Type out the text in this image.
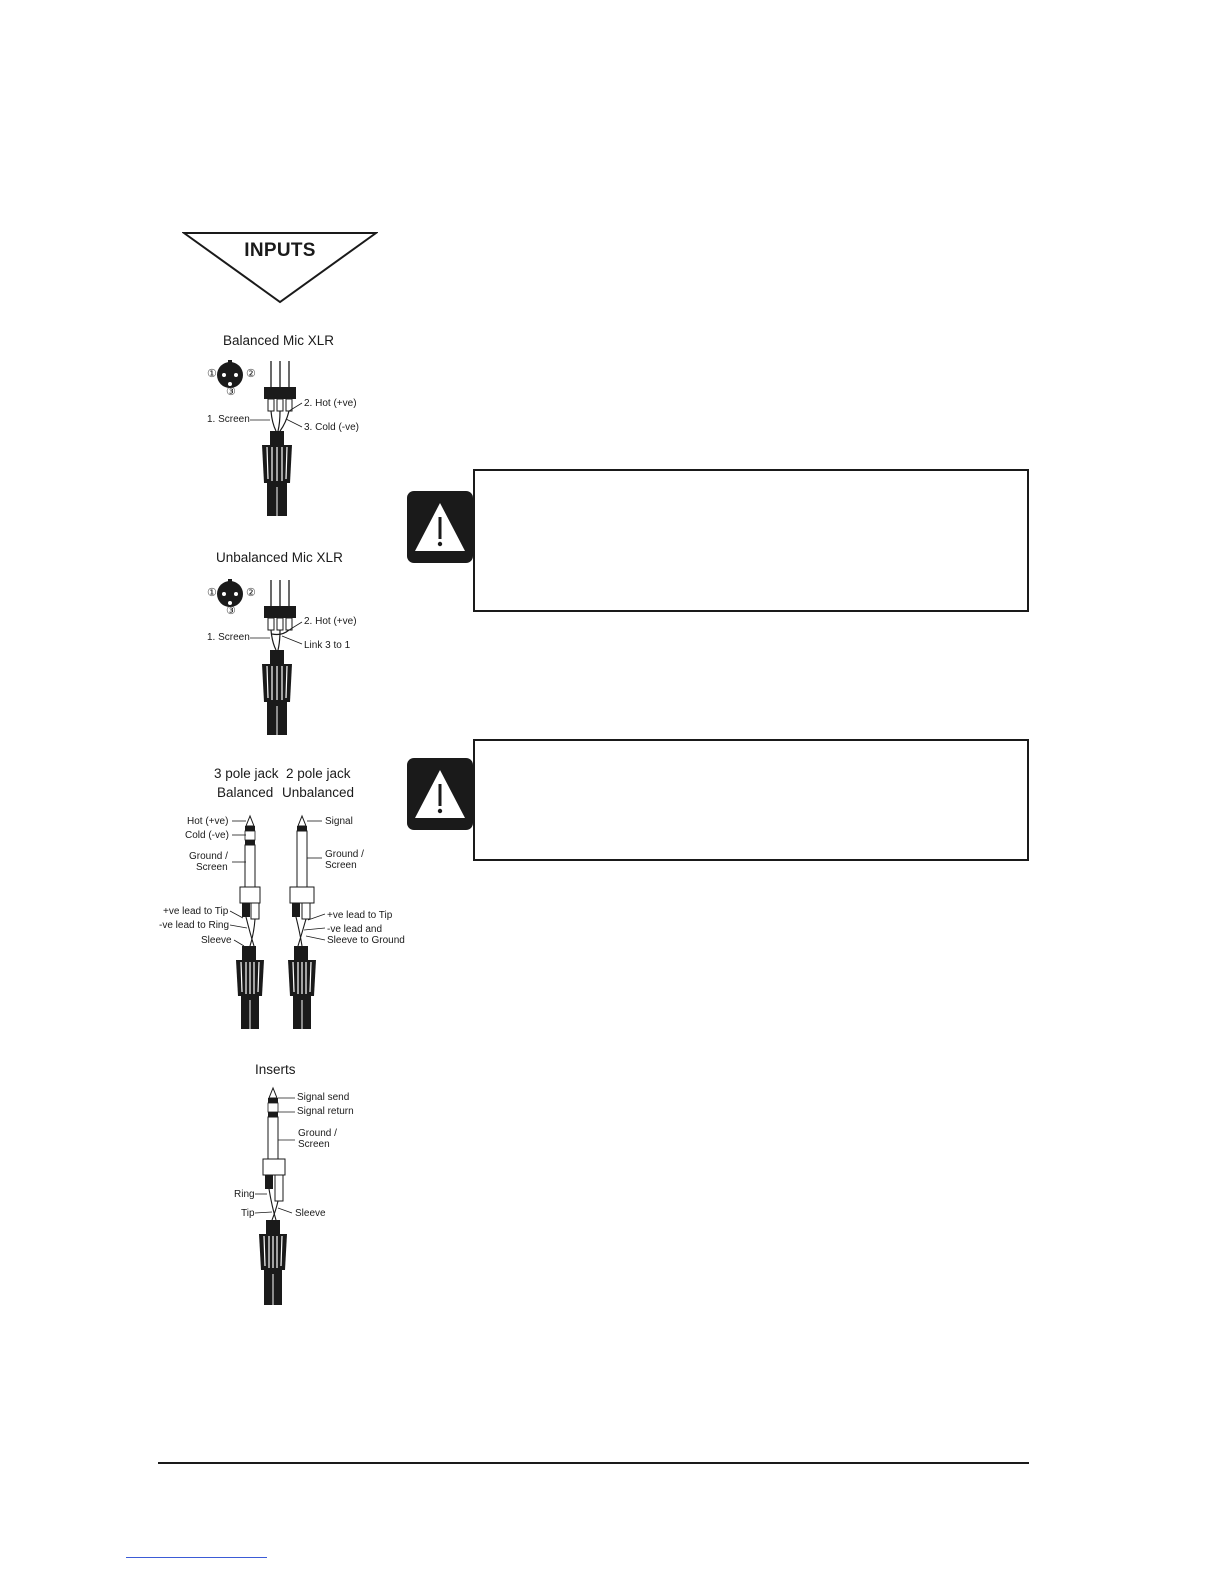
INPUTS
Balanced Mic XLR
①	②
③
2. Hot (+ve)
1. Screen
3. Cold (-ve)
Unbalanced Mic XLR
①	②
③
2. Hot (+ve)
1. Screen
Link 3 to 1
3 pole jack 2 pole jack
Balanced Unbalanced
Hot (+ve)
Cold (-ve)
Ground /
Screen
+ve lead to Tip
-ve lead to Ring
Sleeve
Signal
Ground /
Screen
+ve lead to Tip
-ve lead and
Sleeve to Ground
Inserts
Signal send
Signal return
Ground /
Screen
Ring
Tip	Sleeve
